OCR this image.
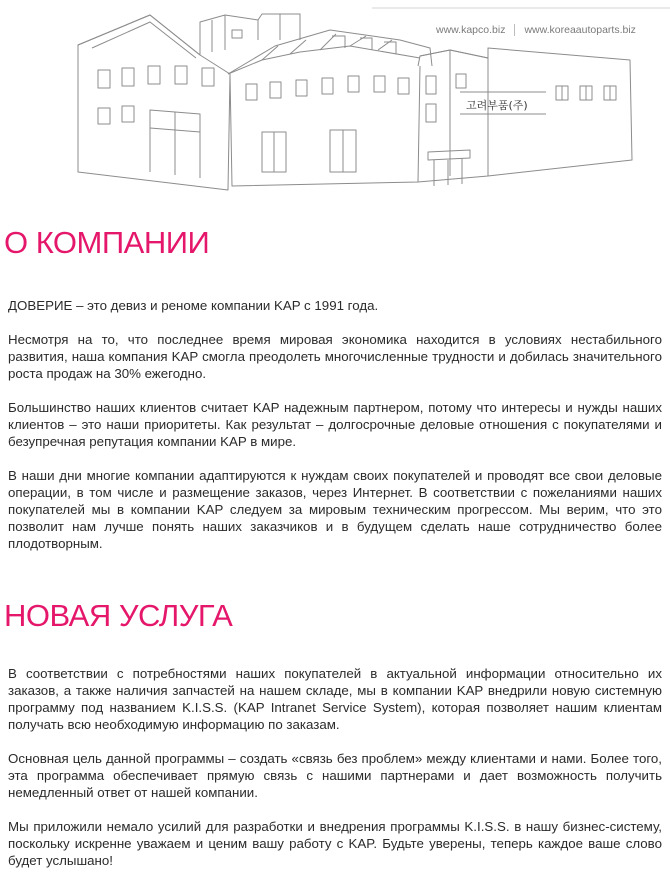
www.kapco.biz www.koreaautoparts.biz
고려부품(주)
О КОМПАНИИ

ДОВЕРИЕ – это девиз и реноме компании KAP с 1991 года.

Несмотря на то, что последнее время мировая экономика находится в условиях нестабильного развития, наша компания KAP смогла преодолеть многочисленные трудности и добилась значительного роста продаж на 30% ежегодно.

Большинство наших клиентов считает KAP надежным партнером, потому что интересы и нужды наших клиентов – это наши приоритеты. Как результат – долгосрочные деловые отношения с покупателями и безупречная репутация компании KAP в мире.

В наши дни многие компании адаптируются к нуждам своих покупателей и проводят все свои деловые операции, в том числе и размещение заказов, через Интернет. В соответствии с пожеланиями наших покупателей мы в компании KAP следуем за мировым техническим прогрессом. Мы верим, что это позволит нам лучше понять наших заказчиков и в будущем сделать наше сотрудничество более плодотворным.

НОВАЯ УСЛУГА

В соответствии с потребностями наших покупателей в актуальной информации относительно их заказов, а также наличия запчастей на нашем складе, мы в компании KAP внедрили новую системную программу под названием K.I.S.S. (KAP Intranet Service System), которая позволяет нашим клиентам получать всю необходимую информацию по заказам.

Основная цель данной программы – создать «связь без проблем» между клиентами и нами. Более того, эта программа обеспечивает прямую связь с нашими партнерами и дает возможность получить немедленный ответ от нашей компании.

Мы приложили немало усилий для разработки и внедрения программы K.I.S.S. в нашу бизнес-систему, поскольку искренне уважаем и ценим вашу работу с KAP. Будьте уверены, теперь каждое ваше слово будет услышано!
